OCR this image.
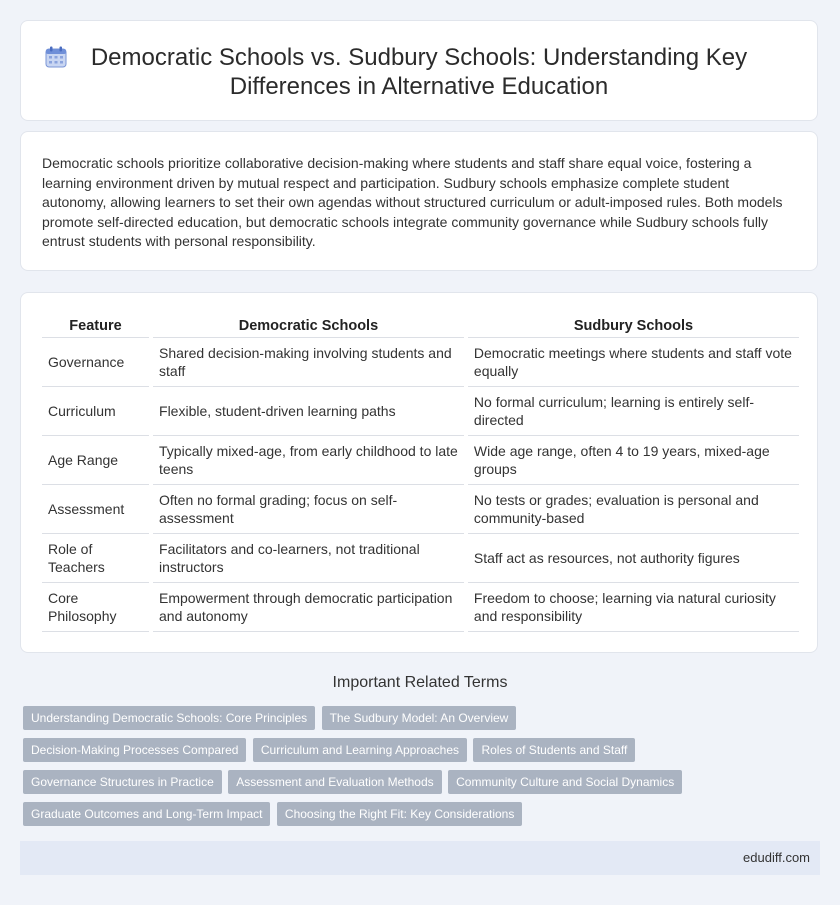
Democratic Schools vs. Sudbury Schools: Understanding Key
Differences in Alternative Education

Democratic schools prioritize collaborative decision-making where students and staff share equal voice, fostering a learning environment driven by mutual respect and participation. Sudbury schools emphasize complete student autonomy, allowing learners to set their own agendas without structured curriculum or adult-imposed rules. Both models promote self-directed education, but democratic schools integrate community governance while Sudbury schools fully entrust students with personal responsibility.

Feature		Democratic Schools		Sudbury Schools
Governance		Shared decision-making involving students and staff		Democratic meetings where students and staff vote equally
Curriculum		Flexible, student-driven learning paths		No formal curriculum; learning is entirely self-directed
Age Range		Typically mixed-age, from early childhood to late teens		Wide age range, often 4 to 19 years, mixed-age groups
Assessment		Often no formal grading; focus on self-assessment		No tests or grades; evaluation is personal and community-based
Role of Teachers		Facilitators and co-learners, not traditional instructors		Staff act as resources, not authority figures
Core Philosophy		Empowerment through democratic participation and autonomy		Freedom to choose; learning via natural curiosity and responsibility
Important Related Terms
Understanding Democratic Schools: Core Principles The Sudbury Model: An Overview Decision-Making Processes Compared Curriculum and Learning Approaches Roles of Students and Staff Governance Structures in Practice Assessment and Evaluation Methods Community Culture and Social Dynamics Graduate Outcomes and Long-Term Impact Choosing the Right Fit: Key Considerations
edudiff.com
